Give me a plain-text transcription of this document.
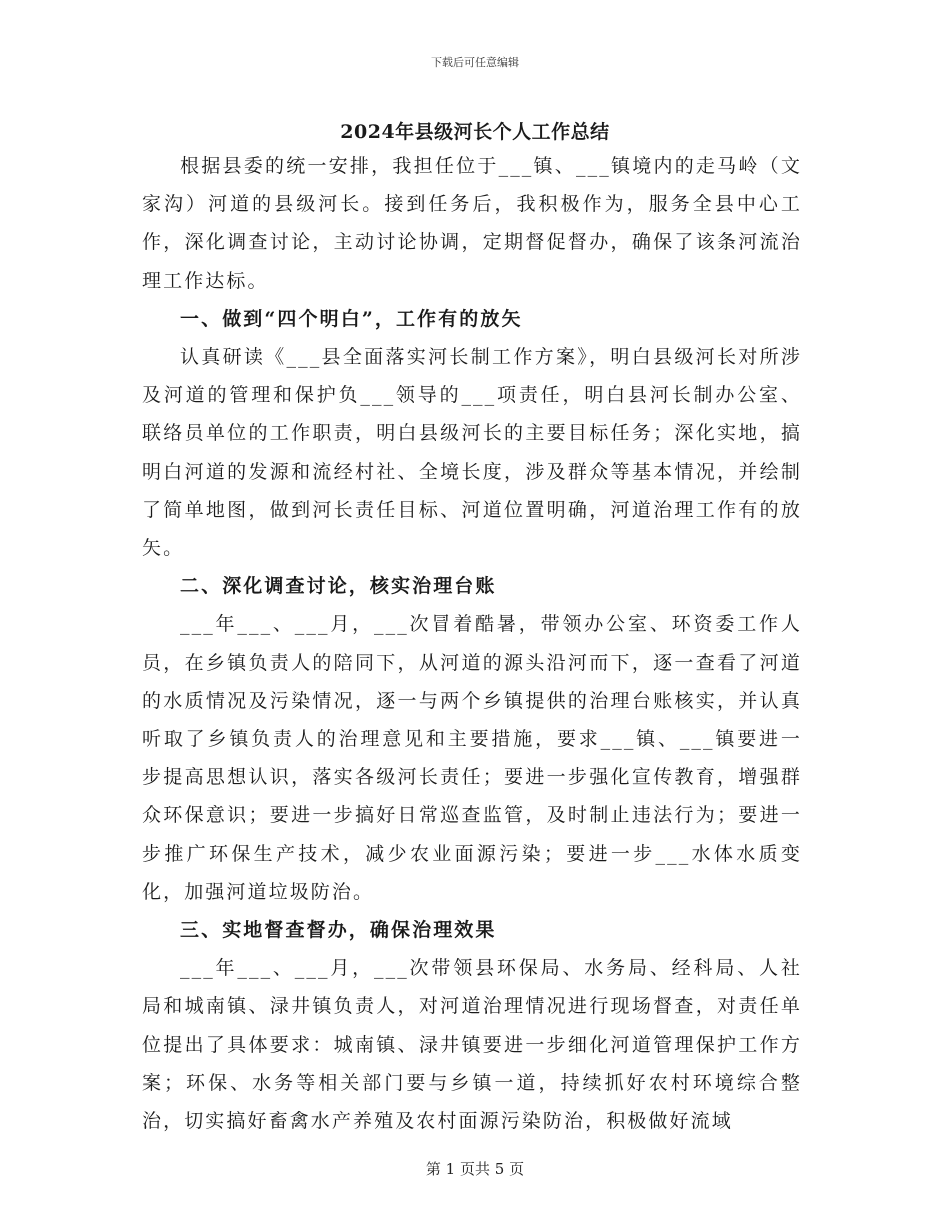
下载后可任意编辑
2024年县级河长个人工作总结

根据县委的统一安排，我担任位于___镇、___镇境内的走马岭（文家沟）河道的县级河长。接到任务后，我积极作为，服务全县中心工作，深化调查讨论，主动讨论协调，定期督促督办，确保了该条河流治理工作达标。

一、做到“四个明白”，工作有的放矢

认真研读《___县全面落实河长制工作方案》，明白县级河长对所涉及河道的管理和保护负___领导的___项责任，明白县河长制办公室、联络员单位的工作职责，明白县级河长的主要目标任务；深化实地，搞明白河道的发源和流经村社、全境长度，涉及群众等基本情况，并绘制了简单地图，做到河长责任目标、河道位置明确，河道治理工作有的放矢。

二、深化调查讨论，核实治理台账

___年___、___月，___次冒着酷暑，带领办公室、环资委工作人员，在乡镇负责人的陪同下，从河道的源头沿河而下，逐一查看了河道的水质情况及污染情况，逐一与两个乡镇提供的治理台账核实，并认真听取了乡镇负责人的治理意见和主要措施，要求___镇、___镇要进一步提高思想认识，落实各级河长责任；要进一步强化宣传教育，增强群众环保意识；要进一步搞好日常巡查监管，及时制止违法行为；要进一步推广环保生产技术，减少农业面源污染；要进一步___水体水质变化，加强河道垃圾防治。

三、实地督查督办，确保治理效果

___年___、___月，___次带领县环保局、水务局、经科局、人社局和城南镇、渌井镇负责人，对河道治理情况进行现场督查，对责任单位提出了具体要求：城南镇、渌井镇要进一步细化河道管理保护工作方案；环保、水务等相关部门要与乡镇一道，持续抓好农村环境综合整治，切实搞好畜禽水产养殖及农村面源污染防治，积极做好流域

第 1 页共 5 页
